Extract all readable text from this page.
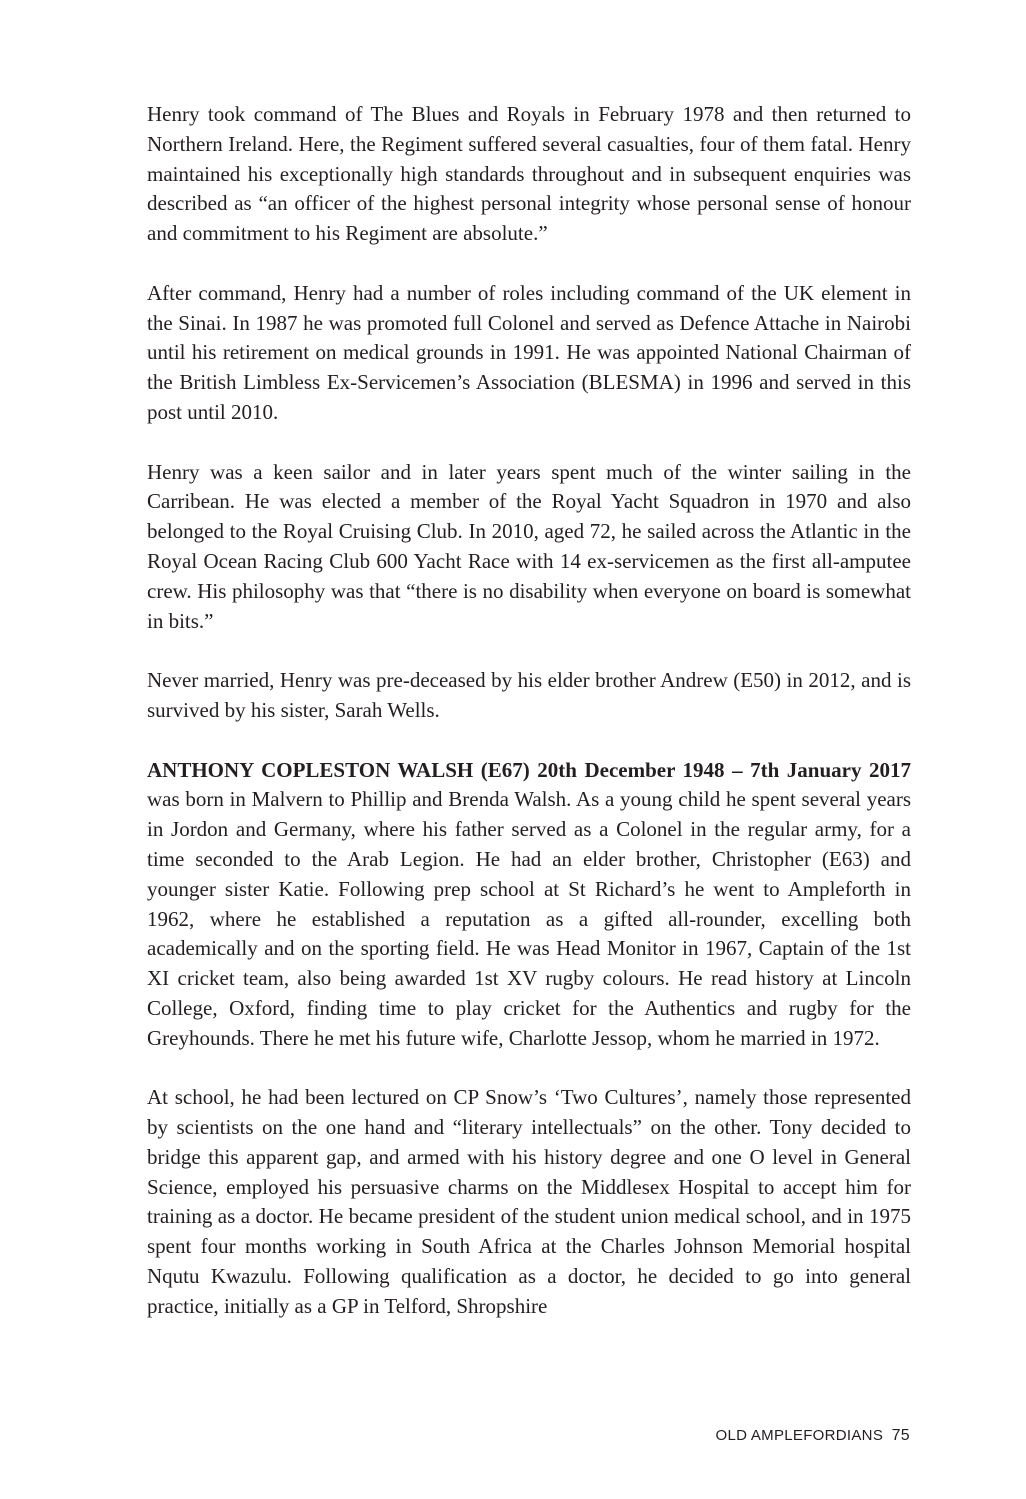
Henry took command of The Blues and Royals in February 1978 and then returned to Northern Ireland. Here, the Regiment suffered several casualties, four of them fatal. Henry maintained his exceptionally high standards throughout and in subsequent enquiries was described as “an officer of the highest personal integrity whose personal sense of honour and commitment to his Regiment are absolute.”

After command, Henry had a number of roles including command of the UK element in the Sinai. In 1987 he was promoted full Colonel and served as Defence Attache in Nairobi until his retirement on medical grounds in 1991. He was appointed National Chairman of the British Limbless Ex-Servicemen’s Association (BLESMA) in 1996 and served in this post until 2010.

Henry was a keen sailor and in later years spent much of the winter sailing in the Carribean. He was elected a member of the Royal Yacht Squadron in 1970 and also belonged to the Royal Cruising Club. In 2010, aged 72, he sailed across the Atlantic in the Royal Ocean Racing Club 600 Yacht Race with 14 ex-servicemen as the first all-amputee crew. His philosophy was that “there is no disability when everyone on board is somewhat in bits.”

Never married, Henry was pre-deceased by his elder brother Andrew (E50) in 2012, and is survived by his sister, Sarah Wells.

ANTHONY COPLESTON WALSH (E67) 20th December 1948 – 7th January 2017 was born in Malvern to Phillip and Brenda Walsh. As a young child he spent several years in Jordon and Germany, where his father served as a Colonel in the regular army, for a time seconded to the Arab Legion. He had an elder brother, Christopher (E63) and younger sister Katie. Following prep school at St Richard’s he went to Ampleforth in 1962, where he established a reputation as a gifted all-rounder, excelling both academically and on the sporting field. He was Head Monitor in 1967, Captain of the 1st XI cricket team, also being awarded 1st XV rugby colours. He read history at Lincoln College, Oxford, finding time to play cricket for the Authentics and rugby for the Greyhounds. There he met his future wife, Charlotte Jessop, whom he married in 1972.

At school, he had been lectured on CP Snow’s ‘Two Cultures’, namely those represented by scientists on the one hand and “literary intellectuals” on the other. Tony decided to bridge this apparent gap, and armed with his history degree and one O level in General Science, employed his persuasive charms on the Middlesex Hospital to accept him for training as a doctor. He became president of the student union medical school, and in 1975 spent four months working in South Africa at the Charles Johnson Memorial hospital Nqutu Kwazulu. Following qualification as a doctor, he decided to go into general practice, initially as a GP in Telford, Shropshire

OLD AMPLEFORDIANS 75
